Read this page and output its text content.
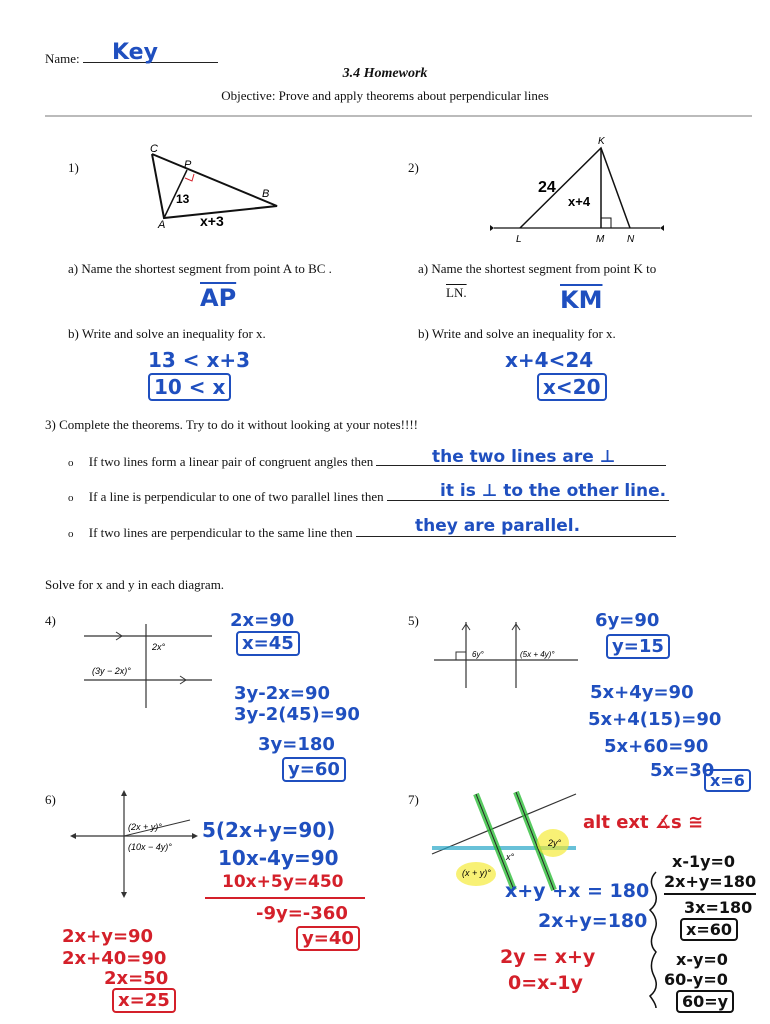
Name:	Key
3.4 Homework
Objective: Prove and apply theorems about perpendicular lines
1)
C
P
B
A
13
x+3
a) Name the shortest segment from point A to BC .
$\overline{AP}$
b) Write and solve an inequality for x.
13 < x+3
10 < x
2)
K
L	M N
24
x+4
a) Name the shortest segment from point K to
LN.	$\overline{KM}$
b) Write and solve an inequality for x.
x+4<24
x<20
3) Complete the theorems. Try to do it without looking at your notes!!!!
o If two lines form a linear pair of congruent angles then	the two lines are ⊥
o If a line is perpendicular to one of two parallel lines then	it is ⊥ to the other line.
o If two lines are perpendicular to the same line then	they are parallel.
Solve for x and y in each diagram.
4)
2x°
(3y − 2x)°
2x=90
x=45
3y-2x=90
3y-2(45)=90
3y=180
y=60
5)
6y°	(5x + 4y)°
6y=90
y=15
5x+4y=90
5x+4(15)=90
5x+60=90
5x=30
x=6
6)
(2x + y)°
(10x − 4y)°
5(2x+y=90)
10x-4y=90
10x+5y=450
-9y=-360
y=40
2x+y=90
2x+40=90
2x=50
x=25
7)
2y°
x°
(x + y)°
alt ext ∡s ≅
x+y +x = 180
2x+y=180
2y = x+y
0=x-1y
x-1y=0
2x+y=180
3x=180
x=60
x-y=0
60-y=0
60=y
